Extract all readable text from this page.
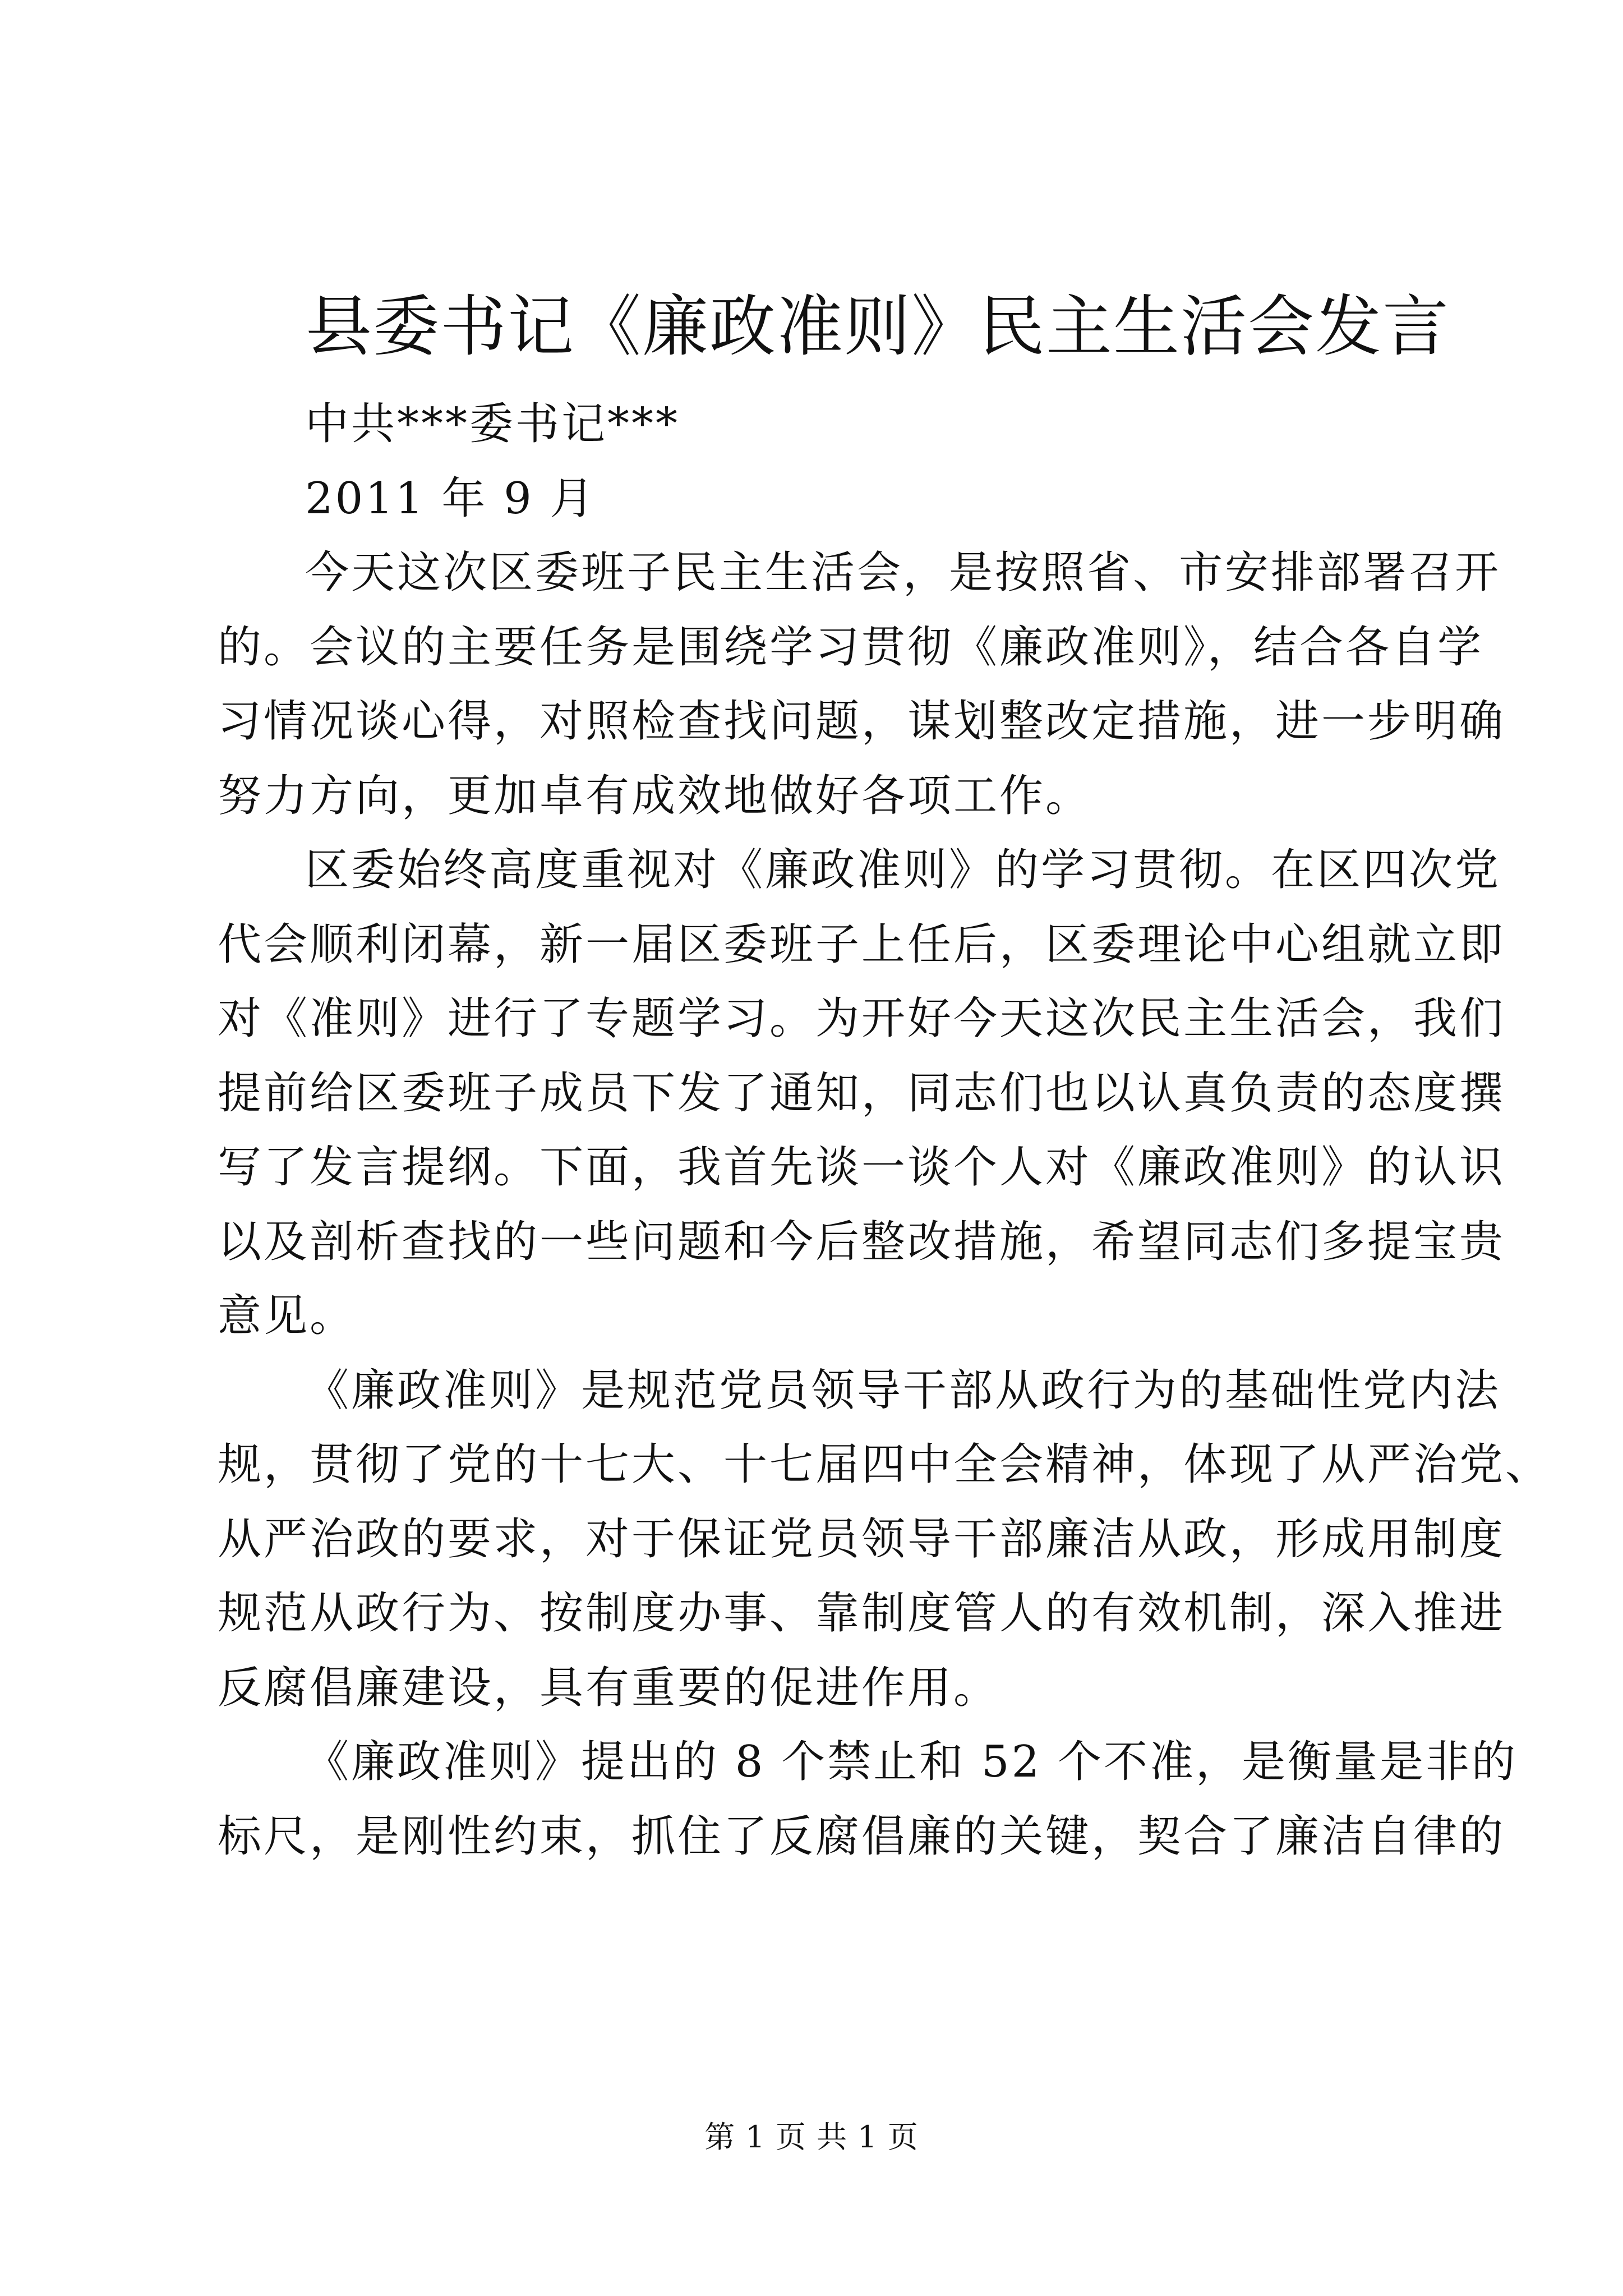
县委书记《廉政准则》民主生活会发言

中共***委书记***

2011 年 9 月

今天这次区委班子民主生活会，是按照省、市安排部署召开

的。会议的主要任务是围绕学习贯彻《廉政准则》，结合各自学

习情况谈心得，对照检查找问题，谋划整改定措施，进一步明确

努力方向，更加卓有成效地做好各项工作。

区委始终高度重视对《廉政准则》的学习贯彻。在区四次党

代会顺利闭幕，新一届区委班子上任后，区委理论中心组就立即

对《准则》进行了专题学习。为开好今天这次民主生活会，我们

提前给区委班子成员下发了通知，同志们也以认真负责的态度撰

写了发言提纲。下面，我首先谈一谈个人对《廉政准则》的认识

以及剖析查找的一些问题和今后整改措施，希望同志们多提宝贵

意见。

《廉政准则》是规范党员领导干部从政行为的基础性党内法

规，贯彻了党的十七大、十七届四中全会精神，体现了从严治党、

从严治政的要求，对于保证党员领导干部廉洁从政，形成用制度

规范从政行为、按制度办事、靠制度管人的有效机制，深入推进

反腐倡廉建设，具有重要的促进作用。

《廉政准则》提出的 8 个禁止和 52 个不准，是衡量是非的

标尺，是刚性约束，抓住了反腐倡廉的关键，契合了廉洁自律的

第 1 页 共 1 页
